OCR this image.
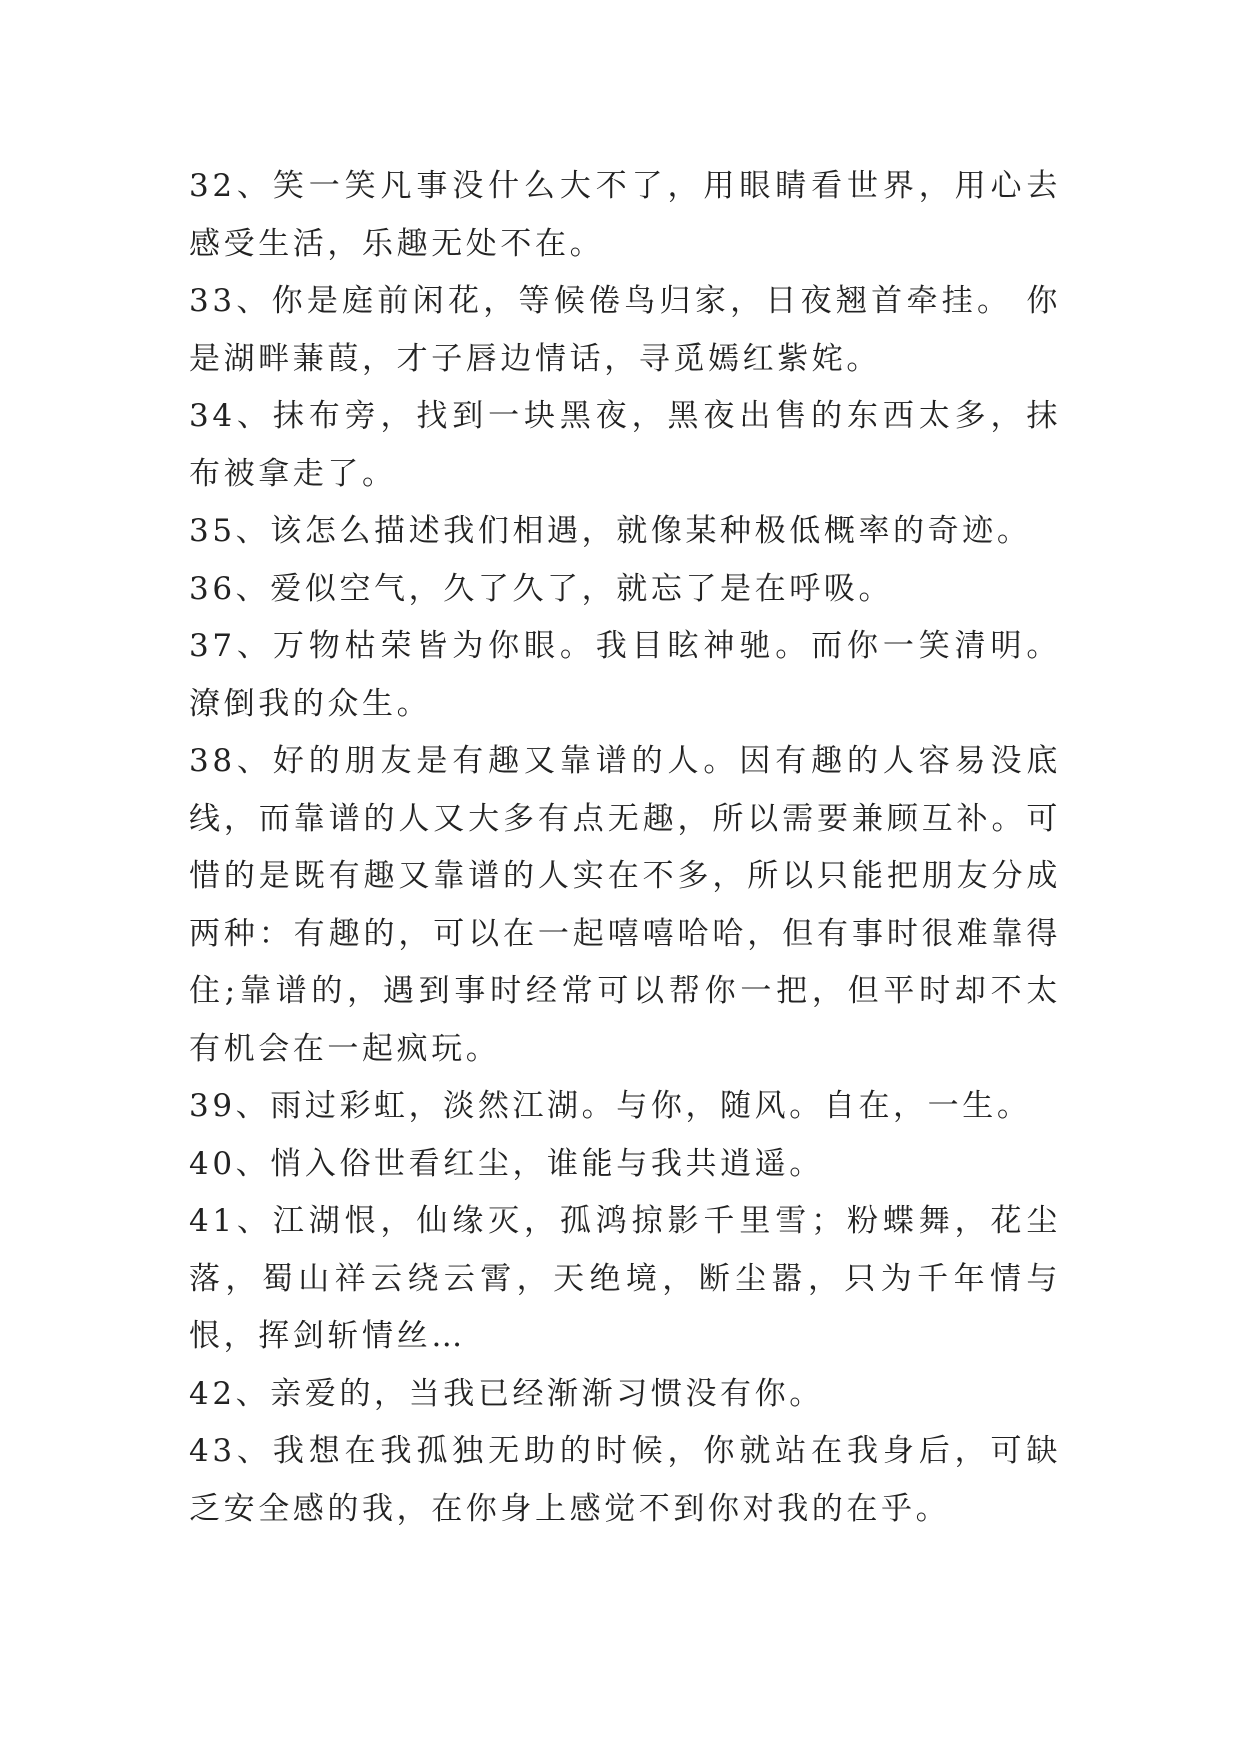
32、笑一笑凡事没什么大不了，用眼睛看世界，用心去感受生活，乐趣无处不在。

33、你是庭前闲花，等候倦鸟归家，日夜翘首牵挂。 你是湖畔蒹葭，才子唇边情话，寻觅嫣红紫姹。

34、抹布旁，找到一块黑夜，黑夜出售的东西太多，抹布被拿走了。

35、该怎么描述我们相遇，就像某种极低概率的奇迹。

36、爱似空气，久了久了，就忘了是在呼吸。

37、万物枯荣皆为你眼。我目眩神驰。而你一笑清明。潦倒我的众生。

38、好的朋友是有趣又靠谱的人。因有趣的人容易没底线，而靠谱的人又大多有点无趣，所以需要兼顾互补。可惜的是既有趣又靠谱的人实在不多，所以只能把朋友分成两种：有趣的，可以在一起嘻嘻哈哈，但有事时很难靠得住;靠谱的，遇到事时经常可以帮你一把，但平时却不太有机会在一起疯玩。

39、雨过彩虹，淡然江湖。与你，随风。自在，一生。

40、悄入俗世看红尘，谁能与我共逍遥。

41、江湖恨，仙缘灭，孤鸿掠影千里雪；粉蝶舞，花尘落，蜀山祥云绕云霄，天绝境，断尘嚣，只为千年情与恨，挥剑斩情丝…

42、亲爱的，当我已经渐渐习惯没有你。

43、我想在我孤独无助的时候，你就站在我身后，可缺乏安全感的我，在你身上感觉不到你对我的在乎。
